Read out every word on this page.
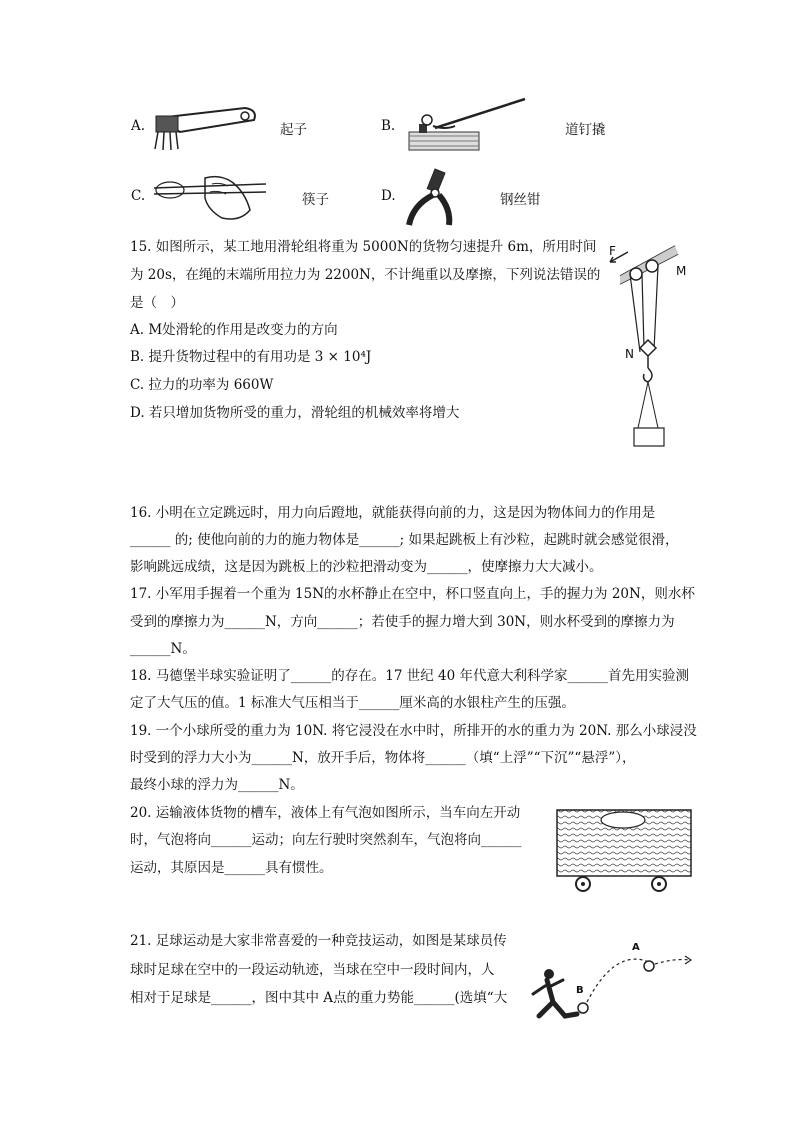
A.	起子	B.	道钉撬
C.	筷子	D.	钢丝钳
15. 如图所示，某工地用滑轮组将重为 5000N的货物匀速提升 6m，所用时间
为 20s，在绳的末端所用拉力为 2200N，不计绳重以及摩擦，下列说法错误的
是（　）
A. M处滑轮的作用是改变力的方向
B. 提升货物过程中的有用功是 3 × 10⁴J
C. 拉力的功率为 660W
D. 若只增加货物所受的重力，滑轮组的机械效率将增大
F
M
N
16. 小明在立定跳远时，用力向后蹬地，就能获得向前的力，这是因为物体间力的作用是
______ 的; 使他向前的力的施力物体是______; 如果起跳板上有沙粒，起跳时就会感觉很滑，
影响跳远成绩，这是因为跳板上的沙粒把滑动变为______，使摩擦力大大减小。
17. 小军用手握着一个重为 15N的水杯静止在空中，杯口竖直向上，手的握力为 20N，则水杯
受到的摩擦力为______N，方向______；若使手的握力增大到 30N，则水杯受到的摩擦力为
______N。
18. 马德堡半球实验证明了______的存在。17 世纪 40 年代意大利科学家______首先用实验测
定了大气压的值。1 标准大气压相当于______厘米高的水银柱产生的压强。
19. 一个小球所受的重力为 10N. 将它浸没在水中时，所排开的水的重力为 20N. 那么小球浸没
时受到的浮力大小为______N，放开手后，物体将______（填“上浮”“下沉”“悬浮”），
最终小球的浮力为______N。
20. 运输液体货物的槽车，液体上有气泡如图所示，当车向左开动
时，气泡将向______运动；向左行驶时突然刹车，气泡将向______
运动，其原因是______具有惯性。
21. 足球运动是大家非常喜爱的一种竞技运动，如图是某球员传
球时足球在空中的一段运动轨迹，当球在空中一段时间内，人
相对于足球是______，图中其中 A点的重力势能______(选填“大
A
B
